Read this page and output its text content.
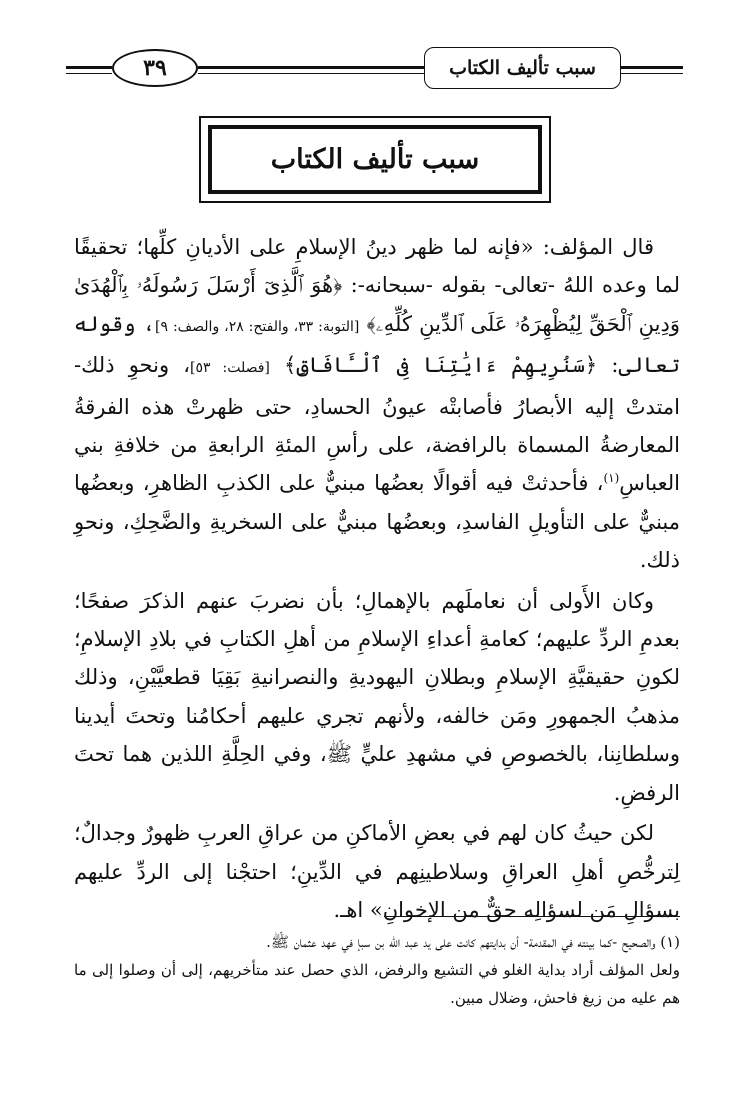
٣٩	سبب تأليف الكتاب
سبب تأليف الكتاب

قال المؤلف: «فإنه لما ظهر دينُ الإسلامِ على الأديانِ كلِّها؛ تحقيقًا لما وعده اللهُ -تعالى- بقوله -سبحانه-: ﴿هُوَ ٱلَّذِىٓ أَرْسَلَ رَسُولَهُۥ بِٱلْهُدَىٰ وَدِينِ ٱلْحَقِّ لِيُظْهِرَهُۥ عَلَى ٱلدِّينِ كُلِّهِۦ﴾ [التوبة: ٣٣، والفتح: ٢٨، والصف: ٩]، وقوله تعالى: ﴿سَنُرِيهِمْ ءَايَٰتِنَا فِى ٱلْـَٔافَاقِ﴾ [فصلت: ٥٣]، ونحوِ ذلك- امتدتْ إليه الأبصارُ فأصابتْه عيونُ الحسادِ، حتى ظهرتْ هذه الفرقةُ المعارضةُ المسماة بالرافضة، على رأسِ المئةِ الرابعةِ من خلافةِ بني العباسِ$^{(١)}$، فأحدثتْ فيه أقوالًا بعضُها مبنيٌّ على الكذبِ الظاهرِ، وبعضُها مبنيٌّ على التأويلِ الفاسدِ، وبعضُها مبنيٌّ على السخريةِ والضَّحِكِ، ونحوِ ذلك.

وكان الأَولى أن نعاملَهم بالإهمالِ؛ بأن نضربَ عنهم الذكرَ صفحًا؛ بعدمِ الردِّ عليهم؛ كعامةِ أعداءِ الإسلامِ من أهلِ الكتابِ في بلادِ الإسلامِ؛ لكونِ حقيقيَّةِ الإسلامِ وبطلانِ اليهوديةِ والنصرانيةِ بَقِيَا قطعيَّيْنِ، وذلك مذهبُ الجمهورِ ومَن خالفه، ولأنهم تجري عليهم أحكامُنا وتحتَ أيدينا وسلطانِنا، بالخصوصِ في مشهدِ عليٍّ ﷺ، وفي الحِلَّةِ اللذين هما تحتَ الرفضِ.

لكن حيثُ كان لهم في بعضِ الأماكنِ من عراقِ العربِ ظهورٌ وجدالٌ؛ لِترخُّصِ أهلِ العراقِ وسلاطينِهم في الدِّينِ؛ احتجْنا إلى الردِّ عليهم بسؤالِ مَن لسؤالِه حقٌّ من الإخوانِ» اهـ.

(١) والصحيح -كما بينته في المقدمة- أن بدايتهم كانت على يد عبد الله بن سبإ في عهد عثمان ﷺ.

ولعل المؤلف أراد بداية الغلو في التشيع والرفض، الذي حصل عند متأخريهم، إلى أن وصلوا إلى ما هم عليه من زيغ فاحش، وضلال مبين.
